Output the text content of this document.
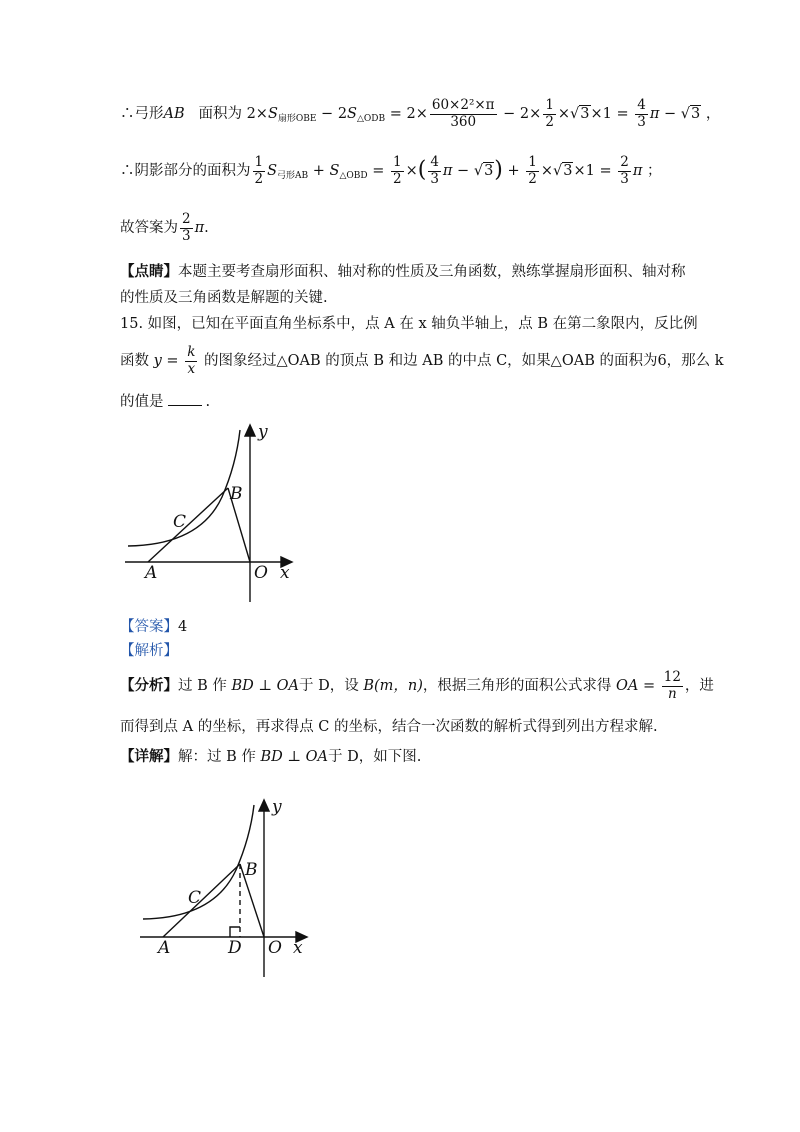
∴弓形AB 面积为 $2\times S_{扇形OBE} - 2S_{\triangle ODB} = 2\times \frac{\text{60×2²×π}}{360} - 2\times \frac{1}{2} \times√3\times 1 = \frac{4}{3}$ π − √3 ，
∴阴影部分的面积为 $\frac{1}{2} S_{弓形AB} + S_{\triangle OBD} = \frac{1}{2}$ ×( $\frac{4}{3}$ $\pi - √3) + \frac{1}{2} \times√3\times 1 = \frac{2}{3}$ π ；
故答案为 $\frac{2}{3} \pi$.
【点睛】本题主要考查扇形面积、轴对称的性质及三角函数，熟练掌握扇形面积、轴对称
的性质及三角函数是解题的关键.
15. 如图，已知在平面直角坐标系中，点 A 在 x 轴负半轴上，点 B 在第二象限内，反比例
函数 $y = \frac{k}{x}$ 的图象经过△OAB 的顶点 B 和边 AB 的中点 C，如果△OAB 的面积为6，那么 k
的值是	.
y
B
C
A	O x
【答案】4
【解析】
【分析】过 B 作 BD ⊥ OA于 D，设 B(m，n)，根据三角形的面积公式求得 OA = $\frac{12}{n}$ ，进
而得到点 A 的坐标，再求得点 C 的坐标，结合一次函数的解析式得到列出方程求解.
【详解】解：过 B 作 BD ⊥ OA于 D，如下图.
y
B
C
A	D O x
